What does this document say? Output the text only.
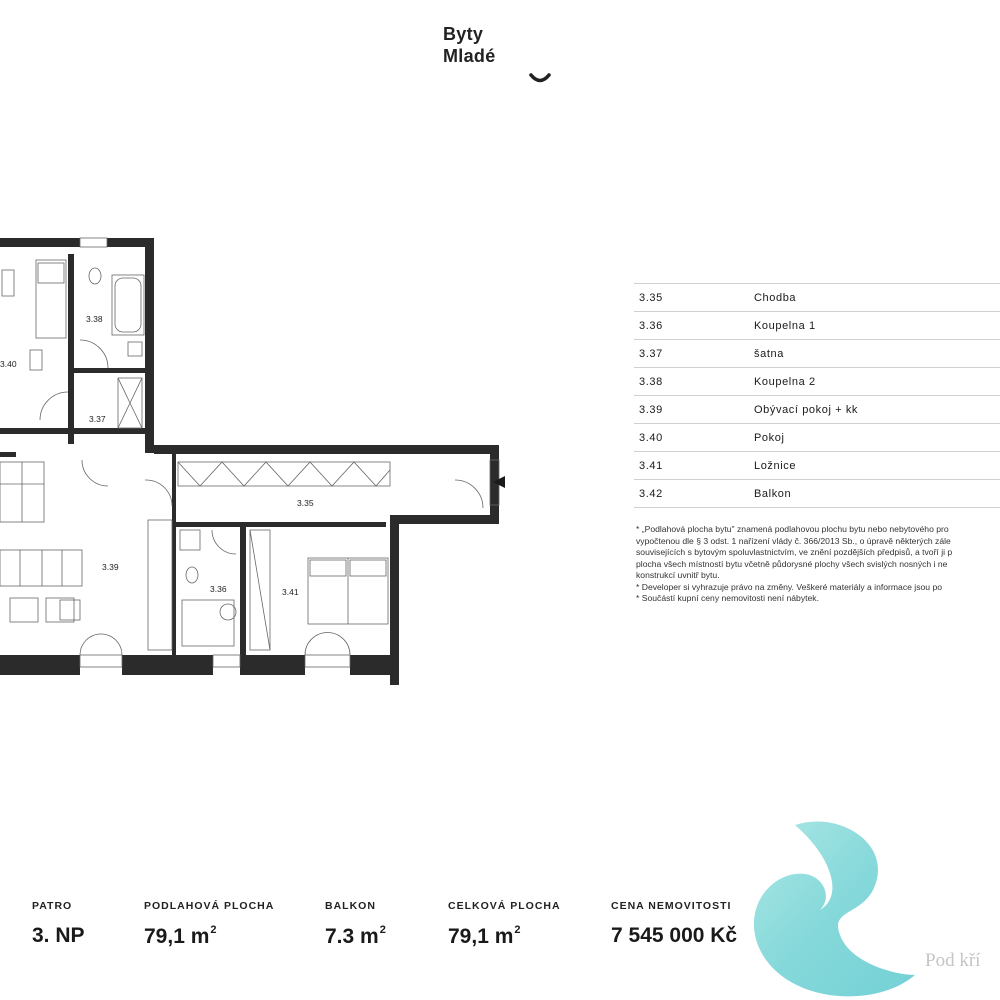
Byty
Mladé
3.38
3.40
3.37
3.35
3.39
3.36	3.41
3.35	Chodba
3.36	Koupelna 1
3.37	šatna
3.38	Koupelna 2
3.39	Obývací pokoj + kk
3.40	Pokoj
3.41	Ložnice
3.42	Balkon
* „Podlahová plocha bytu" znamená podlahovou plochu bytu nebo nebytového pro
vypočtenou dle § 3 odst. 1 nařízení vlády č. 366/2013 Sb., o úpravě některých zále
souvisejících s bytovým spoluvlastnictvím, ve znění pozdějších předpisů, a tvoří ji p
plocha všech místností bytu včetně půdorysné plochy všech svislých nosných i ne
konstrukcí uvnitř bytu.
* Developer si vyhrazuje právo na změny. Veškeré materiály a informace jsou po
* Součástí kupní ceny nemovitosti není nábytek.
Pod kří
PATRO
3. NP
PODLAHOVÁ PLOCHA
79,1 $m^2$
BALKON
7.3 $m^2$
CELKOVÁ PLOCHA
79,1 $m^2$
CENA NEMOVITOSTI
7 545 000 Kč
